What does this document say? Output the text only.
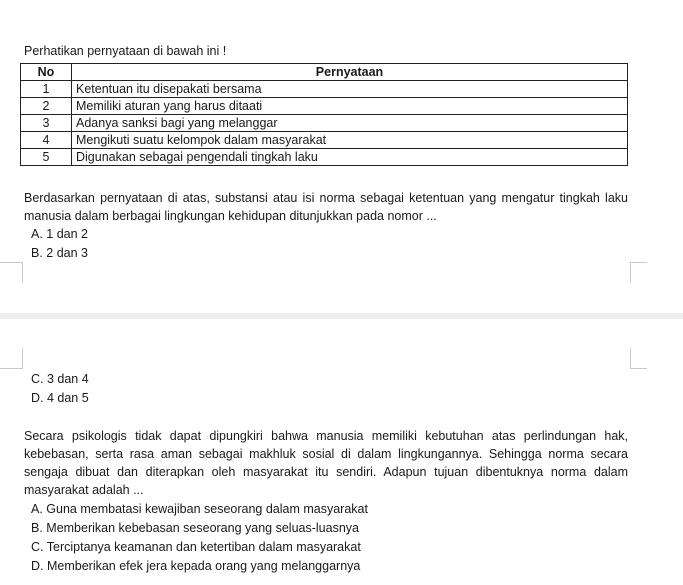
Perhatikan pernyataan di bawah ini !
No	Pernyataan
1	Ketentuan itu disepakati bersama
2	Memiliki aturan yang harus ditaati
3	Adanya sanksi bagi yang melanggar
4	Mengikuti suatu kelompok dalam masyarakat
5	Digunakan sebagai pengendali tingkah laku
Berdasarkan pernyataan di atas, substansi atau isi norma sebagai ketentuan yang mengatur tingkah laku manusia dalam berbagai lingkungan kehidupan ditunjukkan pada nomor ...
A. 1 dan 2
B. 2 dan 3
C. 3 dan 4
D. 4 dan 5
Secara psikologis tidak dapat dipungkiri bahwa manusia memiliki kebutuhan atas perlindungan hak, kebebasan, serta rasa aman sebagai makhluk sosial di dalam lingkungannya. Sehingga norma secara sengaja dibuat dan diterapkan oleh masyarakat itu sendiri. Adapun tujuan dibentuknya norma dalam masyarakat adalah ...
A. Guna membatasi kewajiban seseorang dalam masyarakat
B. Memberikan kebebasan seseorang yang seluas-luasnya
C. Terciptanya keamanan dan ketertiban dalam masyarakat
D. Memberikan efek jera kepada orang yang melanggarnya
